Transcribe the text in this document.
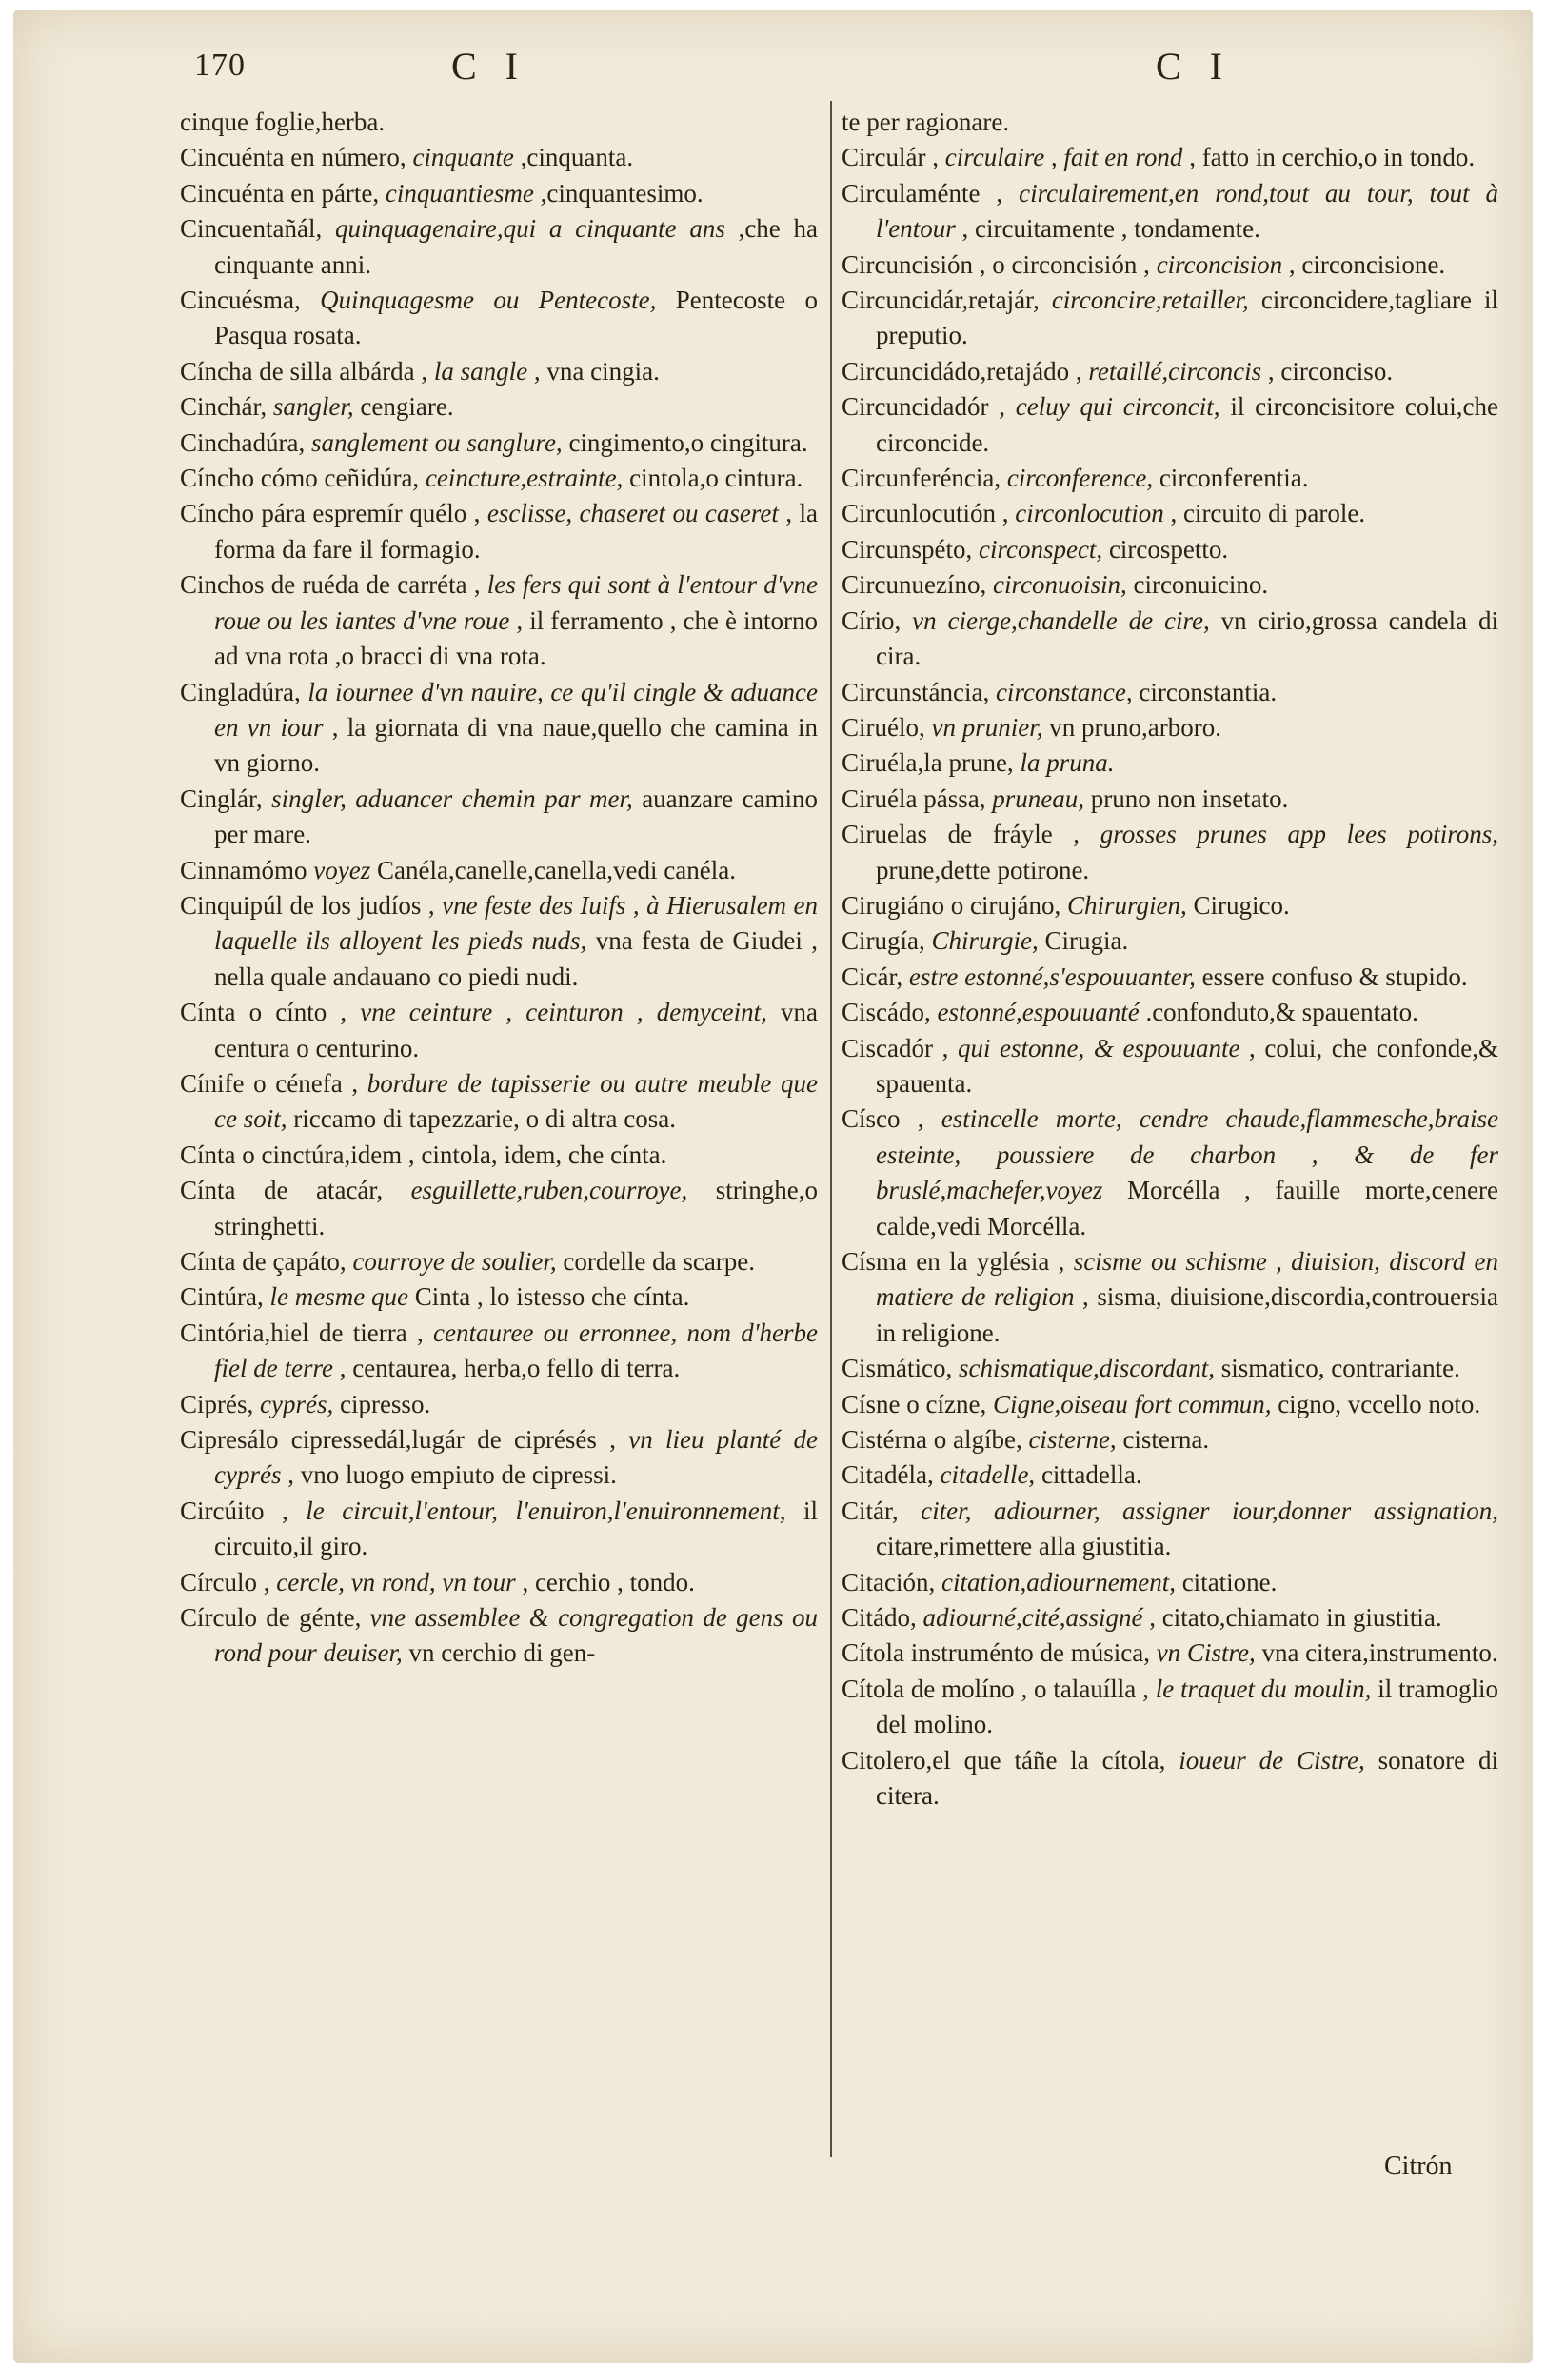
170	C I	C I
cinque foglie,herba.
Cincuénta en número, cinquante ,cinquanta.
Cincuénta en párte, cinquantiesme ,cinquantesimo.
Cincuentañál, quinquagenaire,qui a cinquante ans ,che ha cinquante anni.
Cincuésma, Quinquagesme ou Pentecoste, Pentecoste o Pasqua rosata.
Cíncha de silla albárda , la sangle , vna cingia.
Cinchár, sangler, cengiare.
Cinchadúra, sanglement ou sanglure, cingimento,o cingitura.
Cíncho cómo ceñidúra, ceincture,estrainte, cintola,o cintura.
Cíncho pára espremír quélo , esclisse, chaseret ou caseret , la forma da fare il formagio.
Cinchos de ruéda de carréta , les fers qui sont à l'entour d'vne roue ou les iantes d'vne roue , il ferramento , che è intorno ad vna rota ,o bracci di vna rota.
Cingladúra, la iournee d'vn nauire, ce qu'il cingle & aduance en vn iour , la giornata di vna naue,quello che camina in vn giorno.
Cinglár, singler, aduancer chemin par mer, auanzare camino per mare.
Cinnamómo voyez Canéla,canelle,canella,vedi canéla.
Cinquipúl de los judíos , vne feste des Iuifs , à Hierusalem en laquelle ils alloyent les pieds nuds, vna festa de Giudei , nella quale andauano co piedi nudi.
Cínta o cínto , vne ceinture , ceinturon , demyceint, vna centura o centurino.
Cínife o cénefa , bordure de tapisserie ou autre meuble que ce soit, riccamo di tapezzarie, o di altra cosa.
Cínta o cinctúra,idem , cintola, idem, che cínta.
Cínta de atacár, esguillette,ruben,courroye, stringhe,o stringhetti.
Cínta de çapáto, courroye de soulier, cordelle da scarpe.
Cintúra, le mesme que Cinta , lo istesso che cínta.
Cintória,hiel de tierra , centauree ou erronnee, nom d'herbe fiel de terre , centaurea, herba,o fello di terra.
Ciprés, cyprés, cipresso.
Cipresálo cipressedál,lugár de ciprésés , vn lieu planté de cyprés , vno luogo empiuto de cipressi.
Circúito , le circuit,l'entour, l'enuiron,l'enuironnement, il circuito,il giro.
Círculo , cercle, vn rond, vn tour , cerchio , tondo.
Círculo de génte, vne assemblee & congregation de gens ou rond pour deuiser, vn cerchio di gen-
te per ragionare.
Circulár , circulaire , fait en rond , fatto in cerchio,o in tondo.
Circulaménte , circulairement,en rond,tout au tour, tout à l'entour , circuitamente , tondamente.
Circuncisión , o circoncisión , circoncision , circoncisione.
Circuncidár,retajár, circoncire,retailler, circoncidere,tagliare il preputio.
Circuncidádo,retajádo , retaillé,circoncis , circonciso.
Circuncidadór , celuy qui circoncit, il circoncisitore colui,che circoncide.
Circunferéncia, circonference, circonferentia.
Circunlocutión , circonlocution , circuito di parole.
Circunspéto, circonspect, circospetto.
Circunuezíno, circonuoisin, circonuicino.
Círio, vn cierge,chandelle de cire, vn cirio,grossa candela di cira.
Circunstáncia, circonstance, circonstantia.
Ciruélo, vn prunier, vn pruno,arboro.
Ciruéla,la prune, la pruna.
Ciruéla pássa, pruneau, pruno non insetato.
Ciruelas de fráyle , grosses prunes app lees potirons, prune,dette potirone.
Cirugiáno o cirujáno, Chirurgien, Cirugico.
Cirugía, Chirurgie, Cirugia.
Cicár, estre estonné,s'espouuanter, essere confuso & stupido.
Ciscádo, estonné,espouuanté .confonduto,& spauentato.
Ciscadór , qui estonne, & espouuante , colui, che confonde,& spauenta.
Císco , estincelle morte, cendre chaude,flammesche,braise esteinte, poussiere de charbon , & de fer bruslé,machefer,voyez Morcélla , fauille morte,cenere calde,vedi Morcélla.
Císma en la yglésia , scisme ou schisme , diuision, discord en matiere de religion , sisma, diuisione,discordia,controuersia in religione.
Cismático, schismatique,discordant, sismatico, contrariante.
Císne o cízne, Cigne,oiseau fort commun, cigno, vccello noto.
Cistérna o algíbe, cisterne, cisterna.
Citadéla, citadelle, cittadella.
Citár, citer, adiourner, assigner iour,donner assignation, citare,rimettere alla giustitia.
Citación, citation,adiournement, citatione.
Citádo, adiourné,cité,assigné , citato,chiamato in giustitia.
Cítola instruménto de música, vn Cistre, vna citera,instrumento.
Cítola de molíno , o talauílla , le traquet du moulin, il tramoglio del molino.
Citolero,el que táñe la cítola, ioueur de Cistre, sonatore di citera.
Citrón
